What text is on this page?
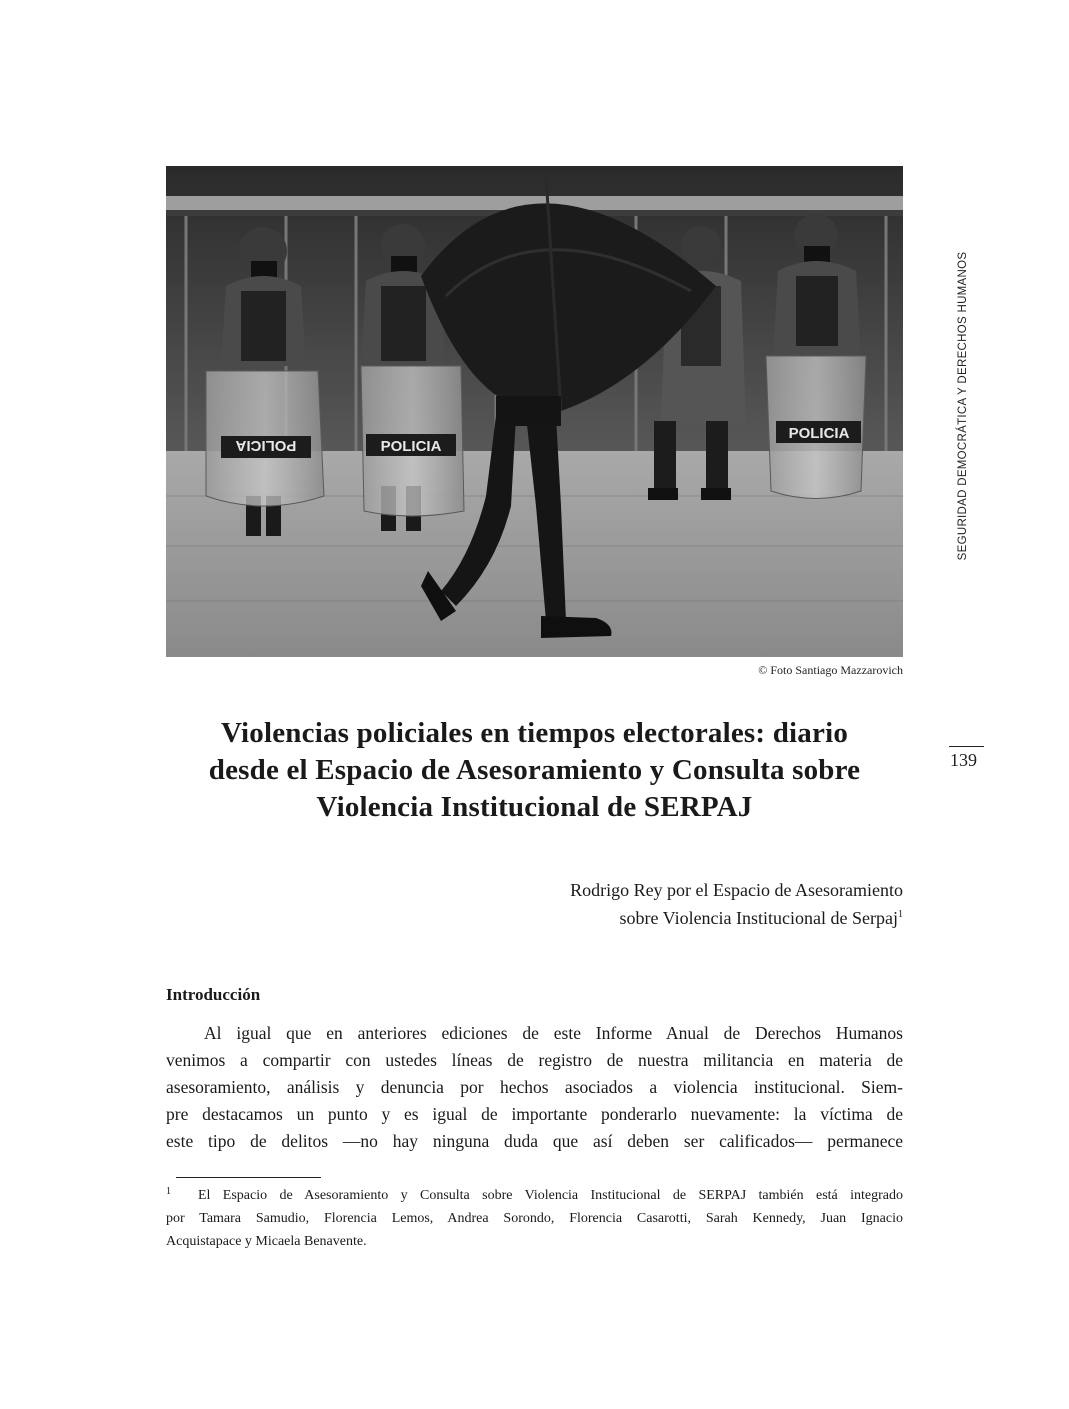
POLICIA	POLICIA
POLICIA
© Foto Santiago Mazzarovich
SEGURIDAD DEMOCRÁTICA Y DERECHOS HUMANOS
139
Violencias policiales en tiempos electorales: diario
desde el Espacio de Asesoramiento y Consulta sobre
Violencia Institucional de SERPAJ
Rodrigo Rey por el Espacio de Asesoramiento
sobre Violencia Institucional de Serpaj$^1$
Introducción
Al igual que en anteriores ediciones de este Informe Anual de Derechos Humanos
venimos a compartir con ustedes líneas de registro de nuestra militancia en materia de
asesoramiento, análisis y denuncia por hechos asociados a violencia institucional. Siem-
pre destacamos un punto y es igual de importante ponderarlo nuevamente: la víctima de
este tipo de delitos —no hay ninguna duda que así deben ser calificados— permanece
1 El Espacio de Asesoramiento y Consulta sobre Violencia Institucional de SERPAJ también está integrado
por Tamara Samudio, Florencia Lemos, Andrea Sorondo, Florencia Casarotti, Sarah Kennedy, Juan Ignacio
Acquistapace y Micaela Benavente.
